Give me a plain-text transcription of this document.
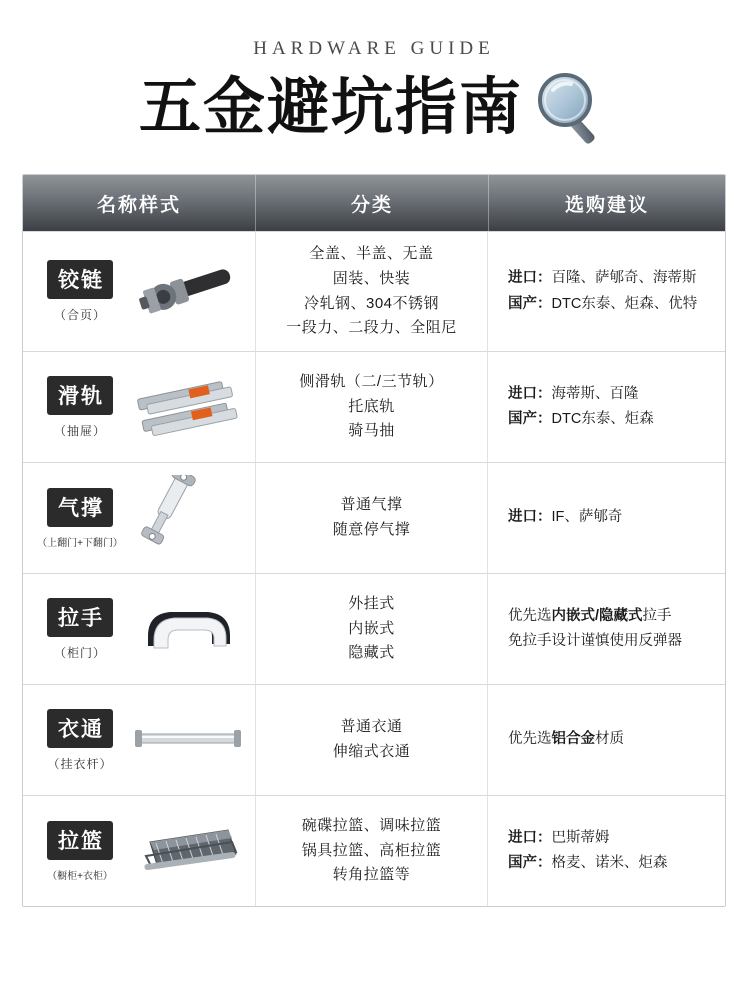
HARDWARE GUIDE
五金避坑指南
名称样式	分类	选购建议
铰链
（合页）
全盖、半盖、无盖
固装、快装
冷轧钢、304不锈钢
一段力、二段力、全阻尼
进口：百隆、萨郇奇、海蒂斯
国产：DTC东泰、炬森、优特
滑轨
（抽屉）
侧滑轨（二/三节轨）
托底轨
骑马抽
进口：海蒂斯、百隆
国产：DTC东泰、炬森
气撑
（上翻门+下翻门）
普通气撑
随意停气撑
进口：IF、萨郇奇
拉手
（柜门）
外挂式
内嵌式
隐藏式
优先选内嵌式/隐藏式拉手
免拉手设计谨慎使用反弹器
衣通
（挂衣杆）
普通衣通
伸缩式衣通
优先选铝合金材质
拉篮
（橱柜+衣柜）
碗碟拉篮、调味拉篮
锅具拉篮、高柜拉篮
转角拉篮等
进口：巴斯蒂姆
国产：格麦、诺米、炬森
